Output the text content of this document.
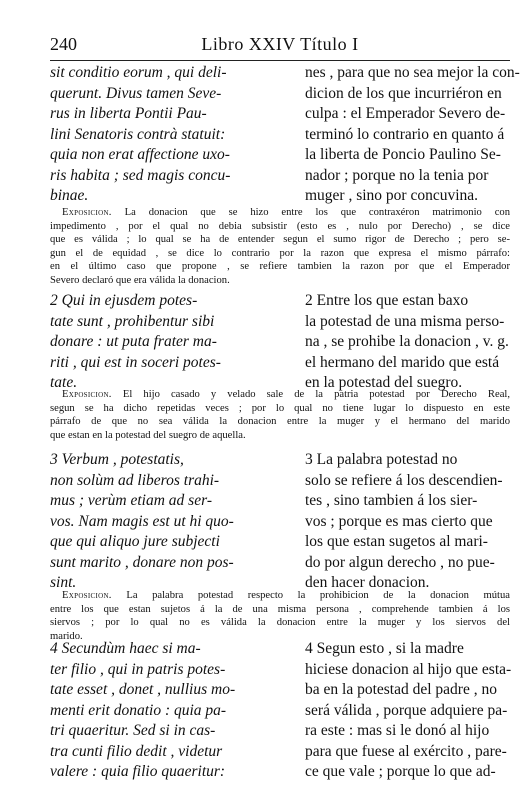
240	Libro XXIV Título I
sit conditio eorum , qui deli-
querunt. Divus tamen Seve-
rus in liberta Pontii Pau-
lini Senatoris contrà statuit:
quia non erat affectione uxo-
ris habita ; sed magis concu-
binae.
nes , para que no sea mejor la con-
dicion de los que incurriéron en
culpa : el Emperador Severo de-
terminó lo contrario en quanto á
la liberta de Poncio Paulino Se-
nador ; porque no la tenia por
muger , sino por concuvina.
Exposicion. La donacion que se hizo entre los que contraxéron matrimonio con
impedimento , por el qual no debia subsistir (esto es , nulo por Derecho) , se dice
que es válida ; lo qual se ha de entender segun el sumo rigor de Derecho ; pero se-
gun el de equidad , se dice lo contrario por la razon que expresa el mismo párrafo:
en el último caso que propone , se refiere tambien la razon por que el Emperador
Severo declaró que era válida la donacion.
2 Qui in ejusdem potes-
tate sunt , prohibentur sibi
donare : ut puta frater ma-
riti , qui est in soceri potes-
tate.
2 Entre los que estan baxo
la potestad de una misma perso-
na , se prohibe la donacion , v. g.
el hermano del marido que está
en la potestad del suegro.
Exposicion. El hijo casado y velado sale de la patria potestad por Derecho Real,
segun se ha dicho repetidas veces ; por lo qual no tiene lugar lo dispuesto en este
párrafo de que no sea válida la donacion entre la muger y el hermano del marido
que estan en la potestad del suegro de aquella.
3 Verbum , potestatis,
non solùm ad liberos trahi-
mus ; verùm etiam ad ser-
vos. Nam magis est ut hi quo-
que qui aliquo jure subjecti
sunt marito , donare non pos-
sint.
3 La palabra potestad no
solo se refiere á los descendien-
tes , sino tambien á los sier-
vos ; porque es mas cierto que
los que estan sugetos al mari-
do por algun derecho , no pue-
den hacer donacion.
Exposicion. La palabra potestad respecto la prohibicion de la donacion mútua
entre los que estan sujetos á la de una misma persona , comprehende tambien á los
siervos ; por lo qual no es válida la donacion entre la muger y los siervos del
marido.
4 Secundùm haec si ma-
ter filio , qui in patris potes-
tate esset , donet , nullius mo-
menti erit donatio : quia pa-
tri quaeritur. Sed si in cas-
tra cunti filio dedit , videtur
valere : quia filio quaeritur:
4 Segun esto , si la madre
hiciese donacion al hijo que esta-
ba en la potestad del padre , no
será válida , porque adquiere pa-
ra este : mas si le donó al hijo
para que fuese al exército , pare-
ce que vale ; porque lo que ad-
